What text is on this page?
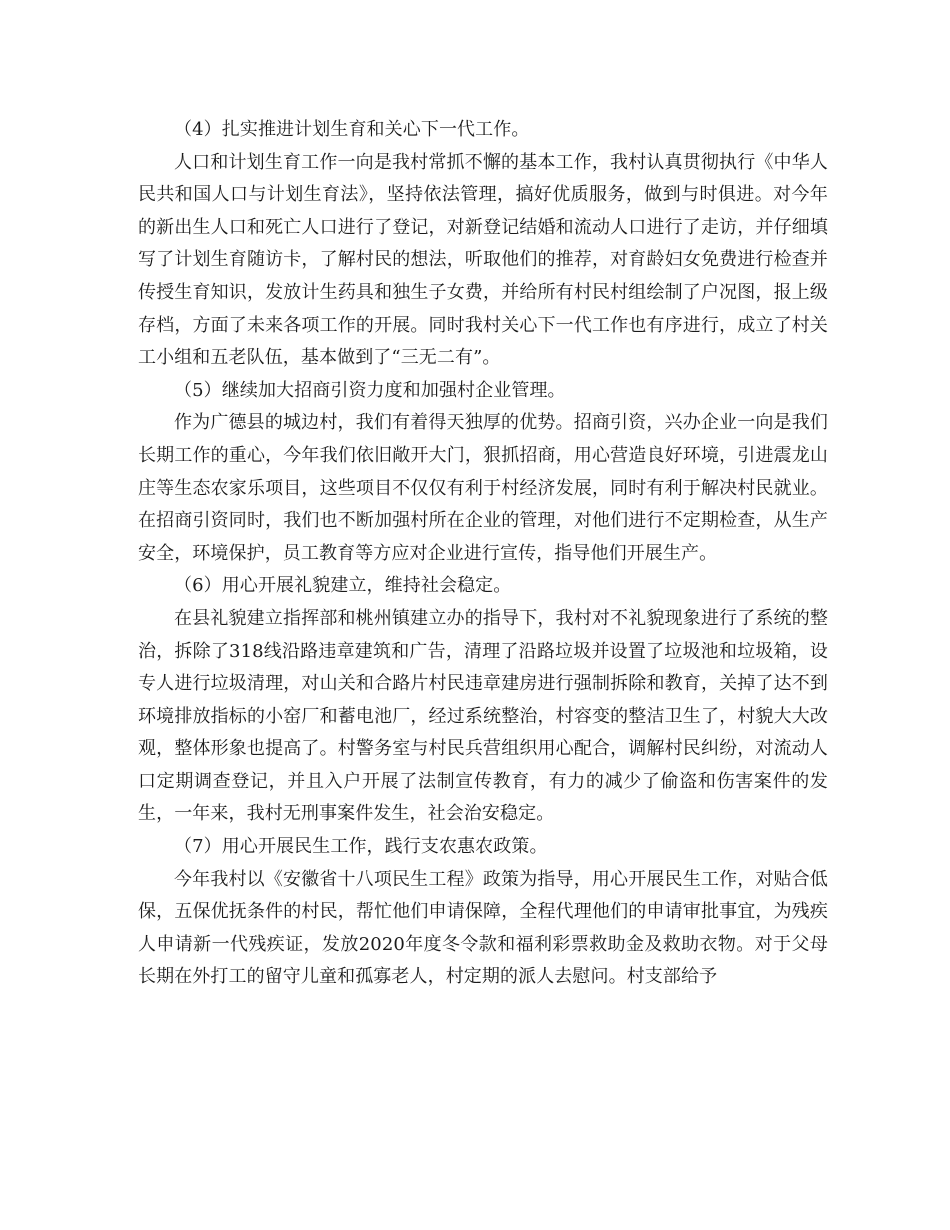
（4）扎实推进计划生育和关心下一代工作。

人口和计划生育工作一向是我村常抓不懈的基本工作，我村认真贯彻执行《中华人民共和国人口与计划生育法》，坚持依法管理，搞好优质服务，做到与时俱进。对今年的新出生人口和死亡人口进行了登记，对新登记结婚和流动人口进行了走访，并仔细填写了计划生育随访卡，了解村民的想法，听取他们的推荐，对育龄妇女免费进行检查并传授生育知识，发放计生药具和独生子女费，并给所有村民村组绘制了户况图，报上级存档，方面了未来各项工作的开展。同时我村关心下一代工作也有序进行，成立了村关工小组和五老队伍，基本做到了“三无二有”。

（5）继续加大招商引资力度和加强村企业管理。

作为广德县的城边村，我们有着得天独厚的优势。招商引资，兴办企业一向是我们长期工作的重心，今年我们依旧敞开大门，狠抓招商，用心营造良好环境，引进震龙山庄等生态农家乐项目，这些项目不仅仅有利于村经济发展，同时有利于解决村民就业。在招商引资同时，我们也不断加强村所在企业的管理，对他们进行不定期检查，从生产安全，环境保护，员工教育等方应对企业进行宣传，指导他们开展生产。

（6）用心开展礼貌建立，维持社会稳定。

在县礼貌建立指挥部和桃州镇建立办的指导下，我村对不礼貌现象进行了系统的整治，拆除了318线沿路违章建筑和广告，清理了沿路垃圾并设置了垃圾池和垃圾箱，设专人进行垃圾清理，对山关和合路片村民违章建房进行强制拆除和教育，关掉了达不到环境排放指标的小窑厂和蓄电池厂，经过系统整治，村容变的整洁卫生了，村貌大大改观，整体形象也提高了。村警务室与村民兵营组织用心配合，调解村民纠纷，对流动人口定期调查登记，并且入户开展了法制宣传教育，有力的减少了偷盗和伤害案件的发生，一年来，我村无刑事案件发生，社会治安稳定。

（7）用心开展民生工作，践行支农惠农政策。

今年我村以《安徽省十八项民生工程》政策为指导，用心开展民生工作，对贴合低保，五保优抚条件的村民，帮忙他们申请保障，全程代理他们的申请审批事宜，为残疾人申请新一代残疾证，发放2020年度冬令款和福利彩票救助金及救助衣物。对于父母长期在外打工的留守儿童和孤寡老人，村定期的派人去慰问。村支部给予
